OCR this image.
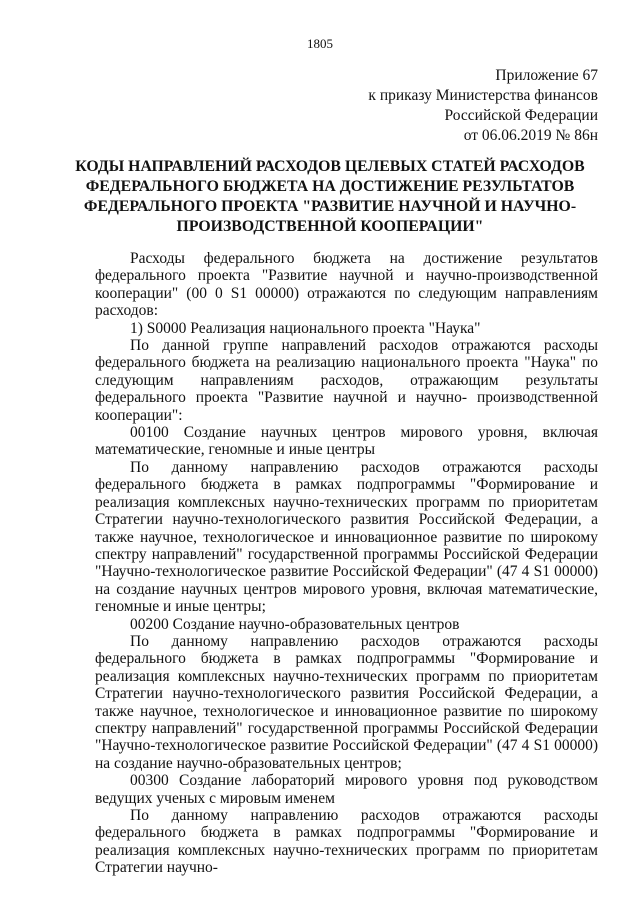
1805
Приложение 67
к приказу Министерства финансов
Российской Федерации
от 06.06.2019 № 86н
КОДЫ НАПРАВЛЕНИЙ РАСХОДОВ ЦЕЛЕВЫХ СТАТЕЙ РАСХОДОВ ФЕДЕРАЛЬНОГО БЮДЖЕТА НА ДОСТИЖЕНИЕ РЕЗУЛЬТАТОВ ФЕДЕРАЛЬНОГО ПРОЕКТА "РАЗВИТИЕ НАУЧНОЙ И НАУЧНО-ПРОИЗВОДСТВЕННОЙ КООПЕРАЦИИ"

Расходы федерального бюджета на достижение результатов федерального проекта "Развитие научной и научно-производственной кооперации" (00 0 S1 00000) отражаются по следующим направлениям расходов:

1) S0000 Реализация национального проекта "Наука"

По данной группе направлений расходов отражаются расходы федерального бюджета на реализацию национального проекта "Наука" по следующим направлениям расходов, отражающим результаты федерального проекта "Развитие научной и научно- производственной кооперации":

00100 Создание научных центров мирового уровня, включая математические, геномные и иные центры

По данному направлению расходов отражаются расходы федерального бюджета в рамках подпрограммы "Формирование и реализация комплексных научно-технических программ по приоритетам Стратегии научно-технологического развития Российской Федерации, а также научное, технологическое и инновационное развитие по широкому спектру направлений" государственной программы Российской Федерации "Научно-технологическое развитие Российской Федерации" (47 4 S1 00000) на создание научных центров мирового уровня, включая математические, геномные и иные центры;

00200 Создание научно-образовательных центров

По данному направлению расходов отражаются расходы федерального бюджета в рамках подпрограммы "Формирование и реализация комплексных научно-технических программ по приоритетам Стратегии научно-технологического развития Российской Федерации, а также научное, технологическое и инновационное развитие по широкому спектру направлений" государственной программы Российской Федерации "Научно-технологическое развитие Российской Федерации" (47 4 S1 00000) на создание научно-образовательных центров;

00300 Создание лабораторий мирового уровня под руководством ведущих ученых с мировым именем

По данному направлению расходов отражаются расходы федерального бюджета в рамках подпрограммы "Формирование и реализация комплексных научно-технических программ по приоритетам Стратегии научно-
